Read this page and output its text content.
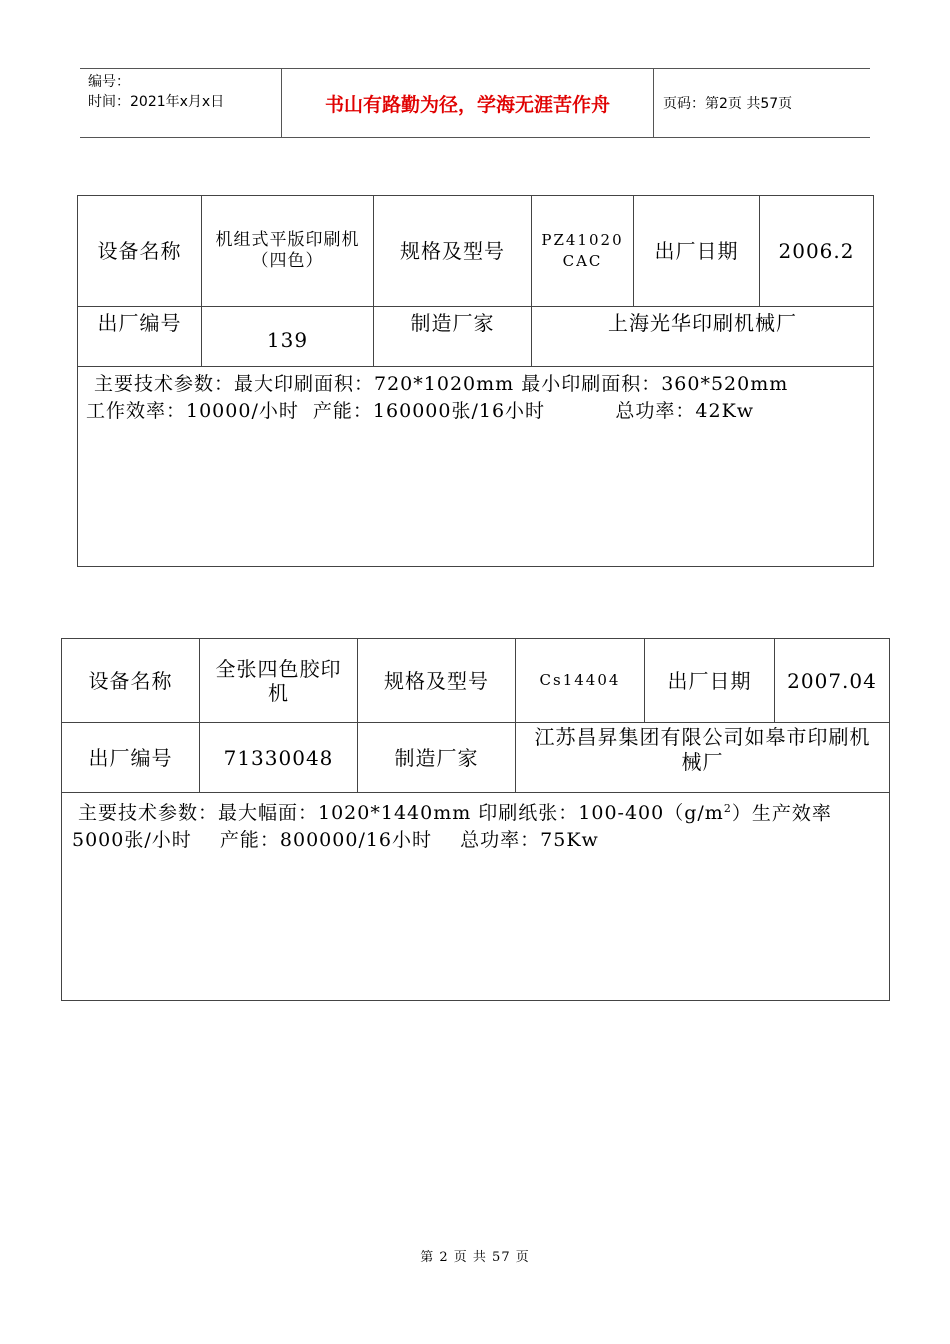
编号：
时间：2021年x月x日	书山有路勤为径，学海无涯苦作舟	页码：第2页 共57页
设备名称	机组式平版印刷机（四色）	规格及型号	PZ41020 CAC	出厂日期	2006.2
出厂编号	139	制造厂家	上海光华印刷机械厂		

主要技术参数：最大印刷面积：720*1020mm 最小印刷面积：360*520mm
工作效率：10000/小时  产能：160000张/16小时          总功率：42Kw					
设备名称	全张四色胶印机	规格及型号	Cs14404	出厂日期	2007.04
出厂编号	71330048	制造厂家	江苏昌昇集团有限公司如皋市印刷机械厂		
主要技术参数：最大幅面：1020*1440mm 印刷纸张：$100-400(g/m^2)$生产效率5000张/小时    产能：800000/16小时    总功率：75Kw					
第 2 页 共 57 页
